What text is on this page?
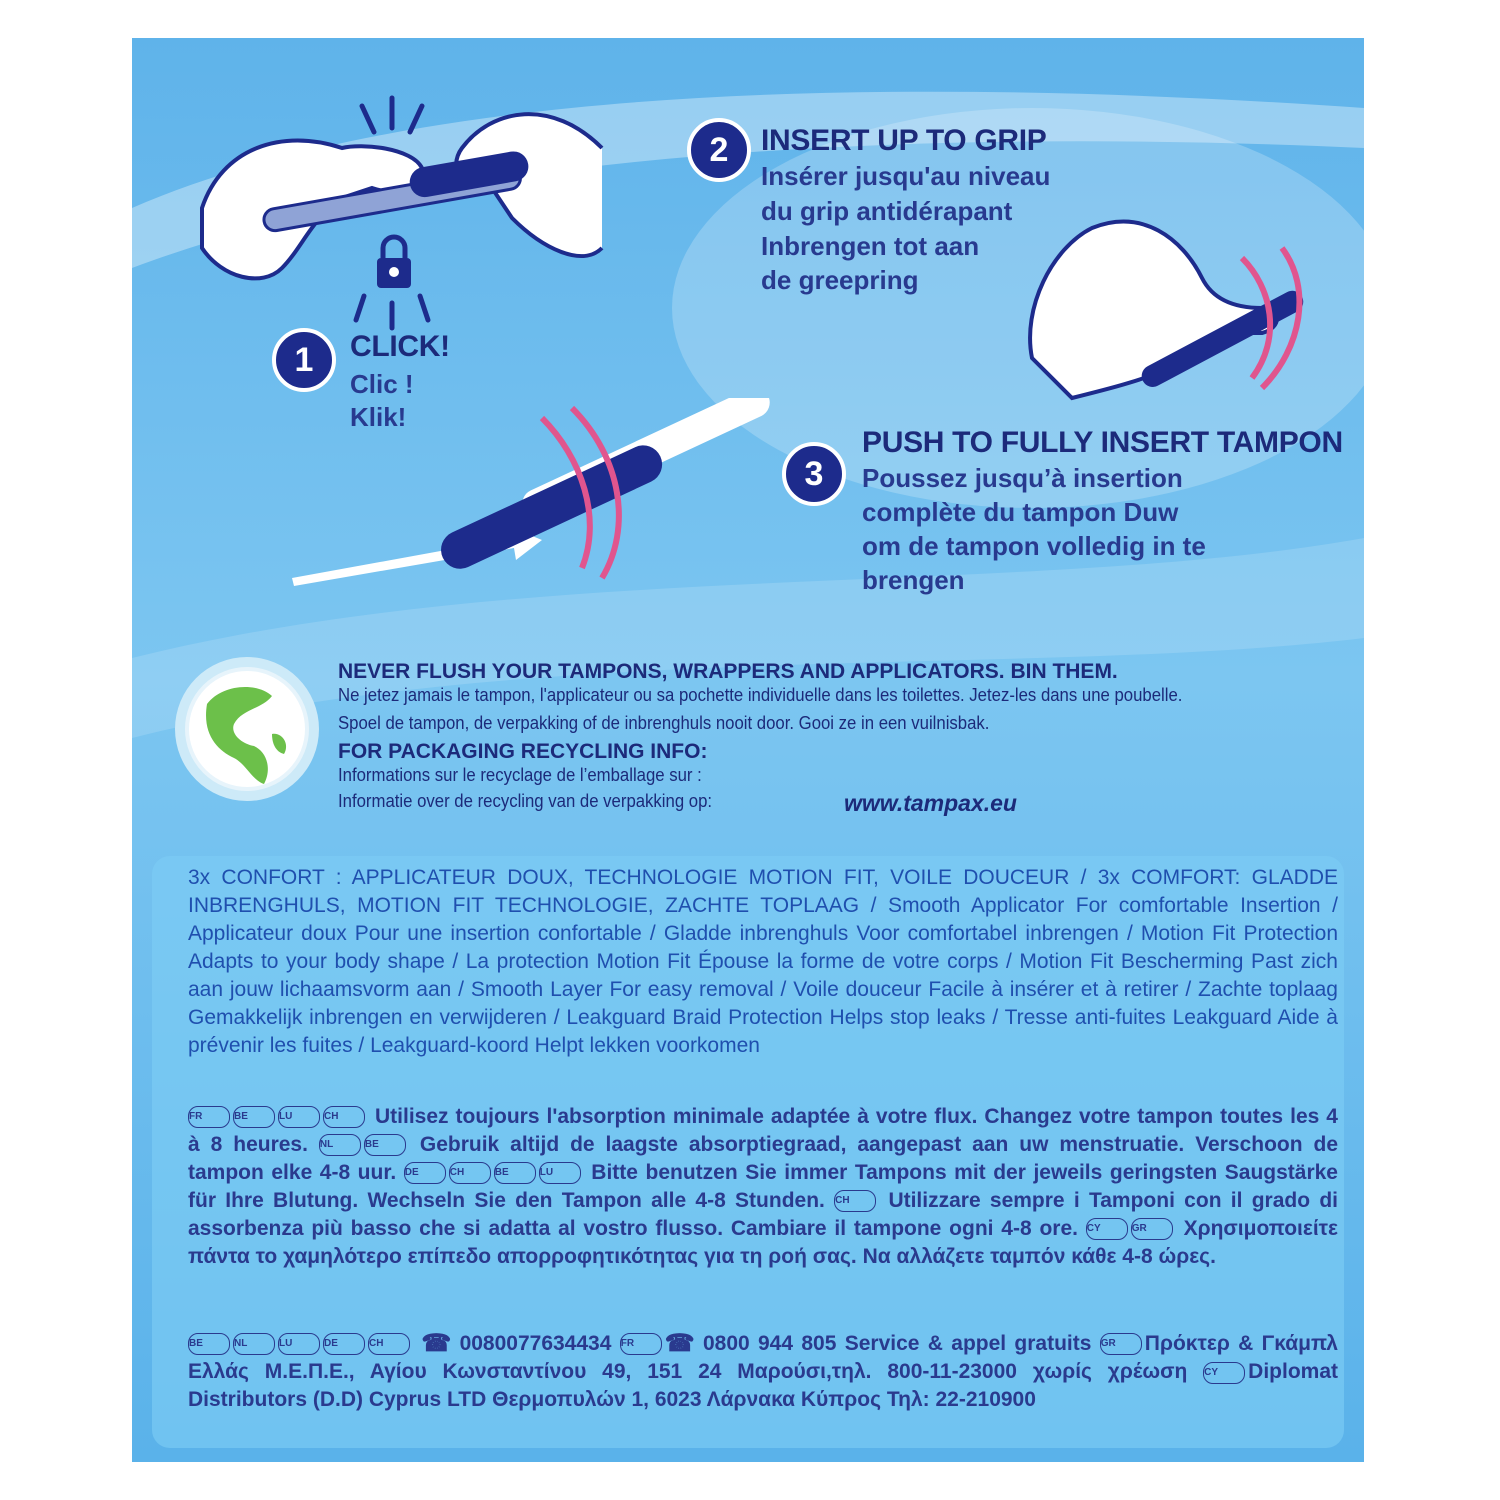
1	CLICK!
Clic !
Klik!
2	INSERT UP TO GRIP
Insérer jusqu'au niveau
du grip antidérapant
Inbrengen tot aan
de greepring
3
PUSH TO FULLY INSERT TAMPON
Poussez jusqu’à insertion
complète du tampon Duw
om de tampon volledig in te
brengen
NEVER FLUSH YOUR TAMPONS, WRAPPERS AND APPLICATORS. BIN THEM.
Ne jetez jamais le tampon, l'applicateur ou sa pochette individuelle dans les toilettes. Jetez-les dans une poubelle.
Spoel de tampon, de verpakking of de inbrenghuls nooit door. Gooi ze in een vuilnisbak.
FOR PACKAGING RECYCLING INFO:
Informations sur le recyclage de l’emballage sur :
Informatie over de recycling van de verpakking op:	www.tampax.eu
3x CONFORT : APPLICATEUR DOUX, TECHNOLOGIE MOTION FIT, VOILE DOUCEUR / 3x COMFORT: GLADDE INBRENGHULS, MOTION FIT TECHNOLOGIE, ZACHTE TOPLAAG / Smooth Applicator For comfortable Insertion / Applicateur doux Pour une insertion confortable / Gladde inbrenghuls Voor comfortabel inbrengen / Motion Fit Protection Adapts to your body shape / La protection Motion Fit Épouse la forme de votre corps / Motion Fit Bescherming Past zich aan jouw lichaamsvorm aan / Smooth Layer For easy removal / Voile douceur Facile à insérer et à retirer / Zachte toplaag Gemakkelijk inbrengen en verwijderen / Leakguard Braid Protection Helps stop leaks / Tresse anti-fuites Leakguard Aide à prévenir les fuites / Leakguard-koord Helpt lekken voorkomen
FR	BE	LU	CH Utilisez toujours l'absorption minimale adaptée à votre flux. Changez votre tampon toutes les 4 à 8 heures. NL	BE Gebruik altijd de laagste absorptiegraad, aangepast aan uw menstruatie. Verschoon de tampon elke 4-8 uur. DE	CH	BE	LU Bitte benutzen Sie immer Tampons mit der jeweils geringsten Saugstärke für Ihre Blutung. Wechseln Sie den Tampon alle 4-8 Stunden. CH Utilizzare sempre i Tamponi con il grado di assorbenza più basso che si adatta al vostro flusso. Cambiare il tampone ogni 4-8 ore. CY	GR Χρησιμοποιείτε πάντα το χαμηλότερο επίπεδο απορροφητικότητας για τη ροή σας. Να αλλάζετε ταμπόν κάθε 4-8 ώρες.
BE	NL	LU	DE	CH ☎ 0080077634434 FR ☎ 0800 944 805 Service & appel gratuits GR Πρόκτερ & Γκάμπλ Ελλάς Μ.Ε.Π.Ε., Αγίου Κωνσταντίνου 49, 151 24 Μαρούσι,τηλ. 800-11-23000 χωρίς χρέωση CY Diplomat Distributors (D.D) Cyprus LTD Θερμοπυλών 1, 6023 Λάρνακα Κύπρος Τηλ: 22-210900
